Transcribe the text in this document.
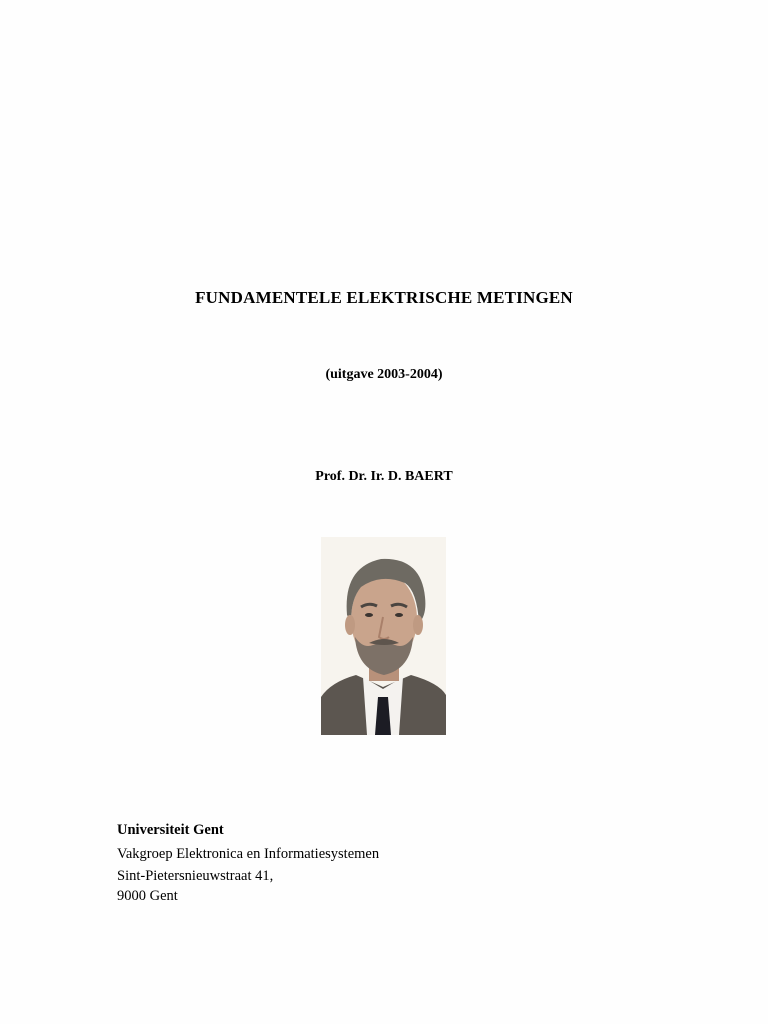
FUNDAMENTELE ELEKTRISCHE METINGEN
(uitgave 2003-2004)
Prof. Dr. Ir. D. BAERT
Universiteit Gent
Vakgroep Elektronica en Informatiesystemen
Sint-Pietersnieuwstraat 41,
9000 Gent
